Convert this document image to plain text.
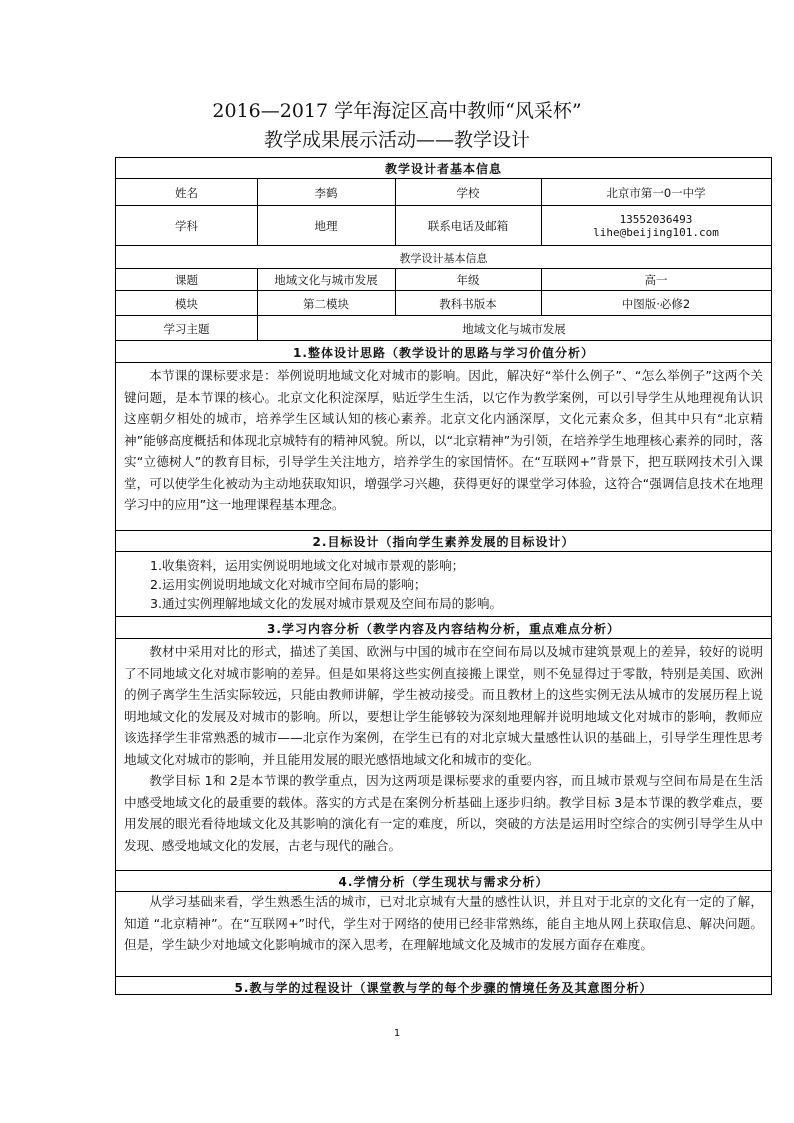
2016—2017 学年海淀区高中教师“风采杯”
教学成果展示活动——教学设计
教学设计者基本信息
姓名	李鹤	学校	北京市第一0一中学
学科	地理	联系电话及邮箱	13552036493
lihe@beijing101.com
教学设计基本信息
课题	地域文化与城市发展	年级	高一
模块	第二模块	教科书版本	中图版·必修2
学习主题	地域文化与城市发展
1.整体设计思路（教学设计的思路与学习价值分析）

本节课的课标要求是：举例说明地域文化对城市的影响。因此，解决好“举什么例子”、“怎么举例子”这两个关键问题，是本节课的核心。北京文化积淀深厚，贴近学生生活，以它作为教学案例，可以引导学生从地理视角认识这座朝夕相处的城市，培养学生区域认知的核心素养。北京文化内涵深厚，文化元素众多，但其中只有“北京精神”能够高度概括和体现北京城特有的精神风貌。所以，以“北京精神”为引领，在培养学生地理核心素养的同时，落实“立德树人”的教育目标，引导学生关注地方，培养学生的家国情怀。在“互联网+”背景下，把互联网技术引入课堂，可以使学生化被动为主动地获取知识，增强学习兴趣，获得更好的课堂学习体验，这符合“强调信息技术在地理学习中的应用”这一地理课程基本理念。

2.目标设计（指向学生素养发展的目标设计）

1.收集资料，运用实例说明地域文化对城市景观的影响；

2.运用实例说明地域文化对城市空间布局的影响；

3.通过实例理解地域文化的发展对城市景观及空间布局的影响。

3.学习内容分析（教学内容及内容结构分析，重点难点分析）

教材中采用对比的形式，描述了美国、欧洲与中国的城市在空间布局以及城市建筑景观上的差异，较好的说明了不同地域文化对城市影响的差异。但是如果将这些实例直接搬上课堂，则不免显得过于零散，特别是美国、欧洲的例子离学生生活实际较远，只能由教师讲解，学生被动接受。而且教材上的这些实例无法从城市的发展历程上说明地域文化的发展及对城市的影响。所以，要想让学生能够较为深刻地理解并说明地域文化对城市的影响，教师应该选择学生非常熟悉的城市——北京作为案例，在学生已有的对北京城大量感性认识的基础上，引导学生理性思考地域文化对城市的影响，并且能用发展的眼光感悟地域文化和城市的变化。

教学目标 1和 2是本节课的教学重点，因为这两项是课标要求的重要内容，而且城市景观与空间布局是在生活中感受地域文化的最重要的载体。落实的方式是在案例分析基础上逐步归纳。教学目标 3是本节课的教学难点，要用发展的眼光看待地域文化及其影响的演化有一定的难度，所以，突破的方法是运用时空综合的实例引导学生从中发现、感受地域文化的发展，古老与现代的融合。

4.学情分析（学生现状与需求分析）

从学习基础来看，学生熟悉生活的城市，已对北京城有大量的感性认识，并且对于北京的文化有一定的了解，知道 “北京精神”。在“互联网+”时代，学生对于网络的使用已经非常熟练，能自主地从网上获取信息、解决问题。但是，学生缺少对地域文化影响城市的深入思考，在理解地域文化及城市的发展方面存在难度。

5.教与学的过程设计（课堂教与学的每个步骤的情境任务及其意图分析）
1
